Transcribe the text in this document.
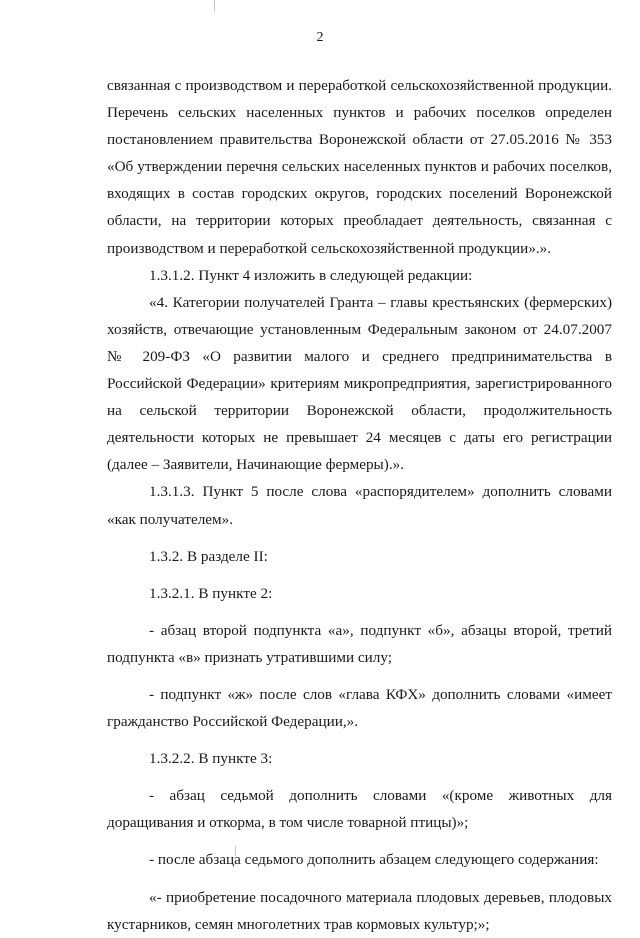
2

связанная с производством и переработкой сельскохозяйственной продукции. Перечень сельских населенных пунктов и рабочих поселков определен постановлением правительства Воронежской области от 27.05.2016 № 353 «Об утверждении перечня сельских населенных пунктов и рабочих поселков, входящих в состав городских округов, городских поселений Воронежской области, на территории которых преобладает деятельность, связанная с производством и переработкой сельскохозяйственной продукции».».

1.3.1.2. Пункт 4 изложить в следующей редакции:

«4. Категории получателей Гранта – главы крестьянских (фермерских) хозяйств, отвечающие установленным Федеральным законом от 24.07.2007 № 209-ФЗ «О развитии малого и среднего предпринимательства в Российской Федерации» критериям микропредприятия, зарегистрированного на сельской территории Воронежской области, продолжительность деятельности которых не превышает 24 месяцев с даты его регистрации (далее – Заявители, Начинающие фермеры).».

1.3.1.3. Пункт 5 после слова «распорядителем» дополнить словами «как получателем».

1.3.2. В разделе II:

1.3.2.1. В пункте 2:

- абзац второй подпункта «а», подпункт «б», абзацы второй, третий подпункта «в» признать утратившими силу;

- подпункт «ж» после слов «глава КФХ» дополнить словами «имеет гражданство Российской Федерации,».

1.3.2.2. В пункте 3:

- абзац седьмой дополнить словами «(кроме животных для доращивания и откорма, в том числе товарной птицы)»;

- после абзаца седьмого дополнить абзацем следующего содержания:

«- приобретение посадочного материала плодовых деревьев, плодовых кустарников, семян многолетних трав кормовых культур;»;
